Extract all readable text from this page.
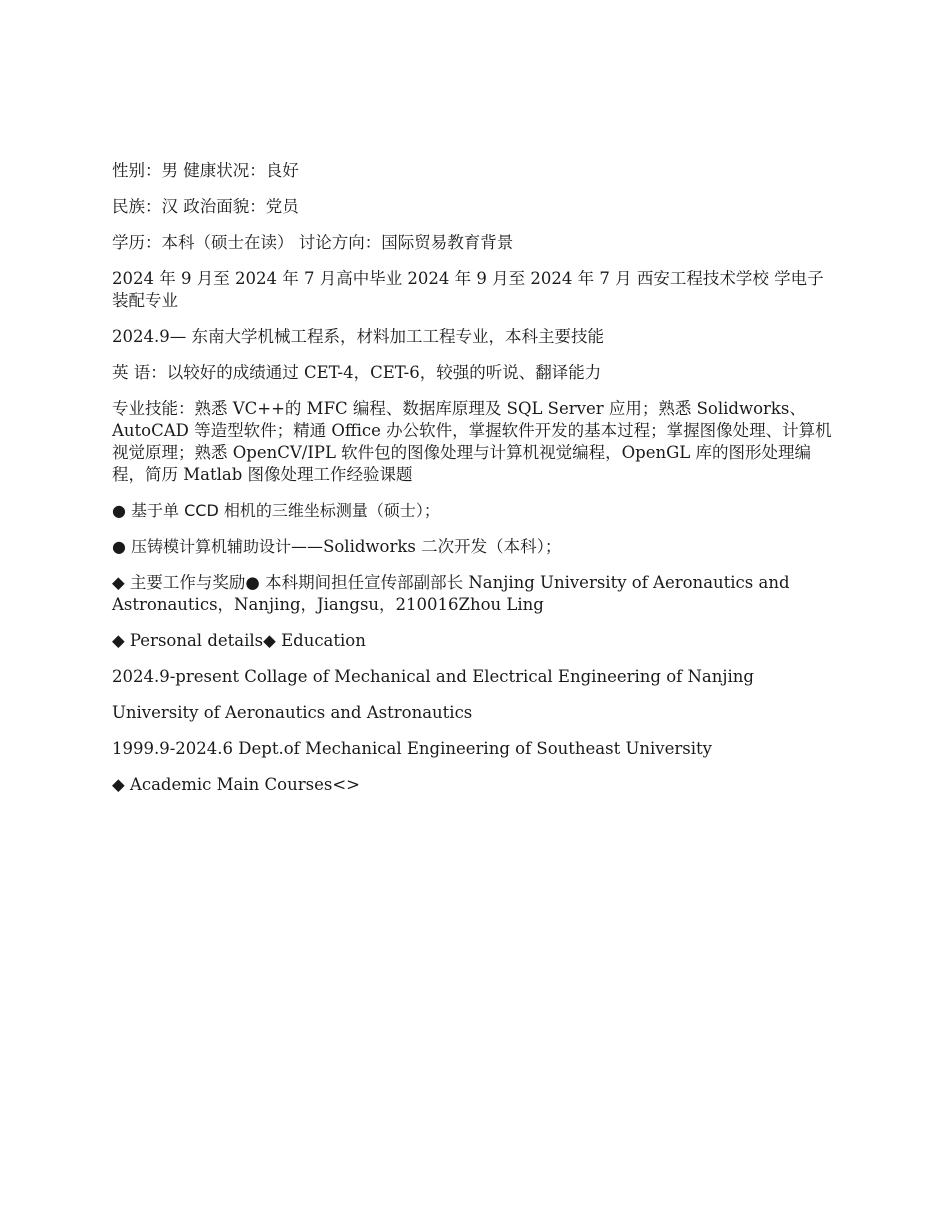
性别：男 健康状况：良好

民族：汉 政治面貌：党员

学历：本科（硕士在读） 讨论方向：国际贸易教育背景

2024 年 9 月至 2024 年 7 月高中毕业 2024 年 9 月至 2024 年 7 月 西安工程技术学校 学电子装配专业

2024.9— 东南大学机械工程系，材料加工工程专业，本科主要技能

英 语：以较好的成绩通过 CET-4，CET-6，较强的听说、翻译能力

专业技能：熟悉 VC++的 MFC 编程、数据库原理及 SQL Server 应用；熟悉 Solidworks、AutoCAD 等造型软件；精通 Office 办公软件，掌握软件开发的基本过程；掌握图像处理、计算机视觉原理；熟悉 OpenCV/IPL 软件包的图像处理与计算机视觉编程，OpenGL 库的图形处理编程，简历 Matlab 图像处理工作经验课题

● 基于单 CCD 相机的三维坐标测量（硕士）；

● 压铸模计算机辅助设计——Solidworks 二次开发（本科）；

◆ 主要工作与奖励● 本科期间担任宣传部副部长 Nanjing University of Aeronautics and Astronautics，Nanjing，Jiangsu，210016Zhou Ling

◆ Personal details◆ Education

2024.9-present Collage of Mechanical and Electrical Engineering of Nanjing

University of Aeronautics and Astronautics

1999.9-2024.6 Dept.of Mechanical Engineering of Southeast University

◆ Academic Main Courses<>
